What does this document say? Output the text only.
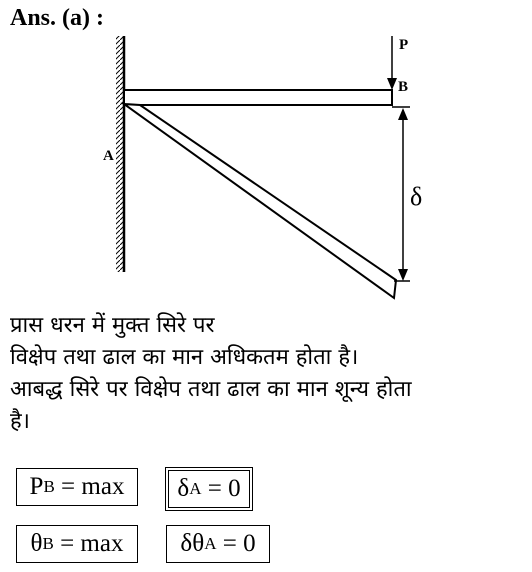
Ans. (a) :
P
B
A
δ

प्रास धरन में मुक्त सिरे पर

विक्षेप तथा ढाल का मान अधिकतम होता है।

आबद्ध सिरे पर विक्षेप तथा ढाल का मान शून्य होता

है।

P B = max δ A = 0
θ B = max δθ A = 0
